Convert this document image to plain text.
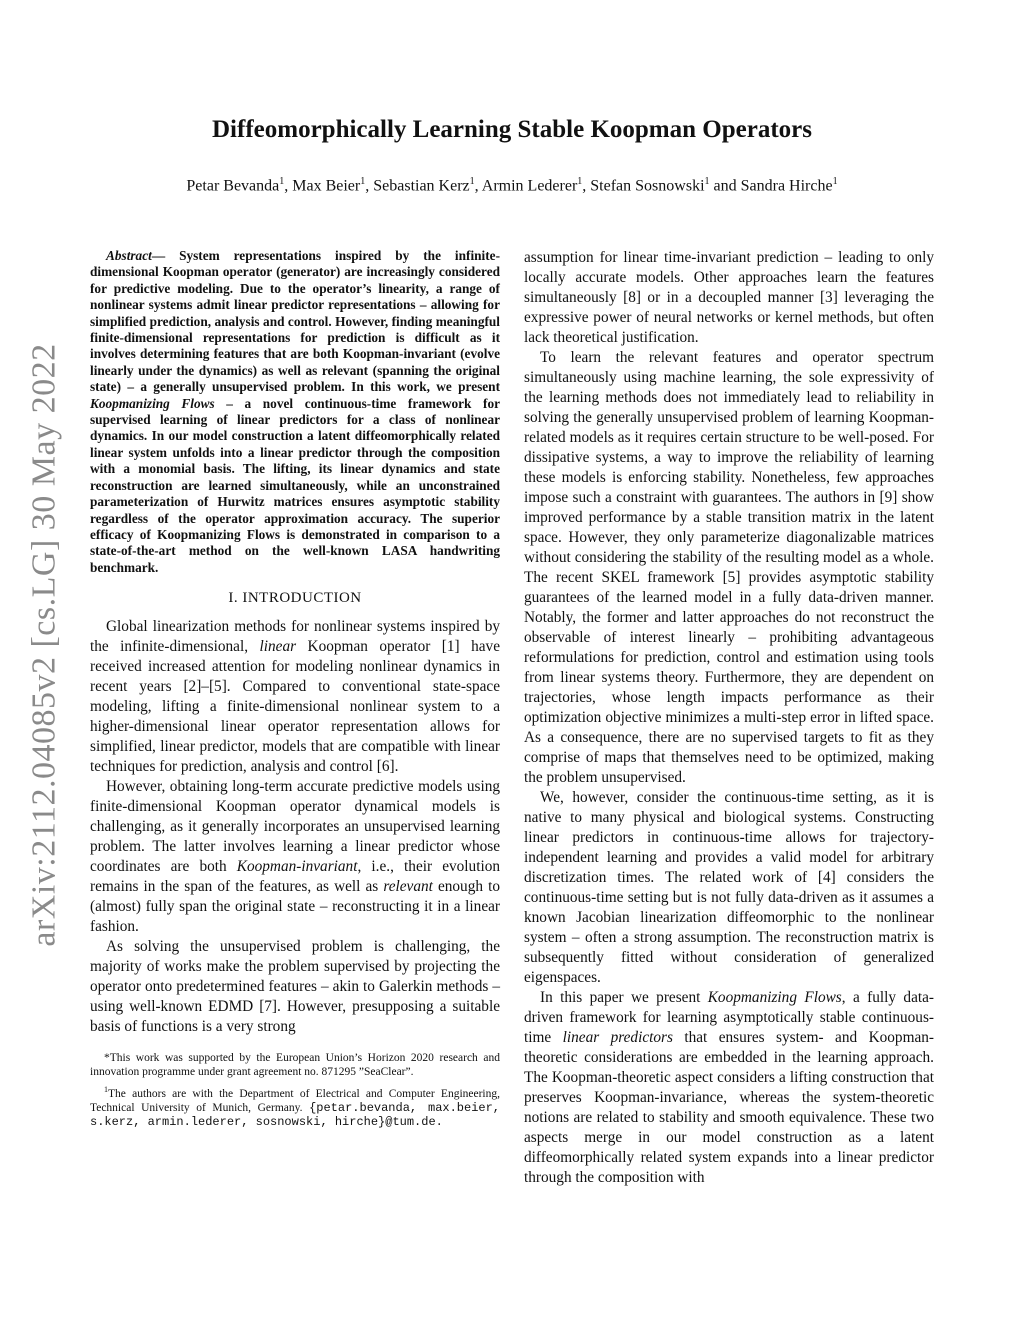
arXiv:2112.04085v2 [cs.LG] 30 May 2022
Diffeomorphically Learning Stable Koopman Operators

Petar Bevanda$^1$, Max Beier$^1$, Sebastian Kerz$^1$, Armin Lederer$^1$, Stefan Sosnowski$^1$ and Sandra Hirche$^1$

Abstract— System representations inspired by the infinite-dimensional Koopman operator (generator) are increasingly considered for predictive modeling. Due to the operator’s linearity, a range of nonlinear systems admit linear predictor representations – allowing for simplified prediction, analysis and control. However, finding meaningful finite-dimensional representations for prediction is difficult as it involves determining features that are both Koopman-invariant (evolve linearly under the dynamics) as well as relevant (spanning the original state) – a generally unsupervised problem. In this work, we present Koopmanizing Flows – a novel continuous-time framework for supervised learning of linear predictors for a class of nonlinear dynamics. In our model construction a latent diffeomorphically related linear system unfolds into a linear predictor through the composition with a monomial basis. The lifting, its linear dynamics and state reconstruction are learned simultaneously, while an unconstrained parameterization of Hurwitz matrices ensures asymptotic stability regardless of the operator approximation accuracy. The superior efficacy of Koopmanizing Flows is demonstrated in comparison to a state-of-the-art method on the well-known LASA handwriting benchmark.

I. INTRODUCTION

Global linearization methods for nonlinear systems inspired by the infinite-dimensional, linear Koopman operator [1] have received increased attention for modeling nonlinear dynamics in recent years [2]–[5]. Compared to conventional state-space modeling, lifting a finite-dimensional nonlinear system to a higher-dimensional linear operator representation allows for simplified, linear predictor, models that are compatible with linear techniques for prediction, analysis and control [6].

However, obtaining long-term accurate predictive models using finite-dimensional Koopman operator dynamical models is challenging, as it generally incorporates an unsupervised learning problem. The latter involves learning a linear predictor whose coordinates are both Koopman-invariant, i.e., their evolution remains in the span of the features, as well as relevant enough to (almost) fully span the original state – reconstructing it in a linear fashion.

As solving the unsupervised problem is challenging, the majority of works make the problem supervised by projecting the operator onto predetermined features – akin to Galerkin methods – using well-known EDMD [7]. However, presupposing a suitable basis of functions is a very strong

*This work was supported by the European Union’s Horizon 2020 research and innovation programme under grant agreement no. 871295 ”SeaClear”.

$^1$The authors are with the Department of Electrical and Computer Engineering, Technical University of Munich, Germany. {petar.bevanda, max.beier, s.kerz, armin.lederer, sosnowski, hirche}@tum.de.

assumption for linear time-invariant prediction – leading to only locally accurate models. Other approaches learn the features simultaneously [8] or in a decoupled manner [3] leveraging the expressive power of neural networks or kernel methods, but often lack theoretical justification.

To learn the relevant features and operator spectrum simultaneously using machine learning, the sole expressivity of the learning methods does not immediately lead to reliability in solving the generally unsupervised problem of learning Koopman-related models as it requires certain structure to be well-posed. For dissipative systems, a way to improve the reliability of learning these models is enforcing stability. Nonetheless, few approaches impose such a constraint with guarantees. The authors in [9] show improved performance by a stable transition matrix in the latent space. However, they only parameterize diagonalizable matrices without considering the stability of the resulting model as a whole. The recent SKEL framework [5] provides asymptotic stability guarantees of the learned model in a fully data-driven manner. Notably, the former and latter approaches do not reconstruct the observable of interest linearly – prohibiting advantageous reformulations for prediction, control and estimation using tools from linear systems theory. Furthermore, they are dependent on trajectories, whose length impacts performance as their optimization objective minimizes a multi-step error in lifted space. As a consequence, there are no supervised targets to fit as they comprise of maps that themselves need to be optimized, making the problem unsupervised.

We, however, consider the continuous-time setting, as it is native to many physical and biological systems. Constructing linear predictors in continuous-time allows for trajectory-independent learning and provides a valid model for arbitrary discretization times. The related work of [4] considers the continuous-time setting but is not fully data-driven as it assumes a known Jacobian linearization diffeomorphic to the nonlinear system – often a strong assumption. The reconstruction matrix is subsequently fitted without consideration of generalized eigenspaces.

In this paper we present Koopmanizing Flows, a fully data-driven framework for learning asymptotically stable continuous-time linear predictors that ensures system- and Koopman-theoretic considerations are embedded in the learning approach. The Koopman-theoretic aspect considers a lifting construction that preserves Koopman-invariance, whereas the system-theoretic notions are related to stability and smooth equivalence. These two aspects merge in our model construction as a latent diffeomorphically related system expands into a linear predictor through the composition with
